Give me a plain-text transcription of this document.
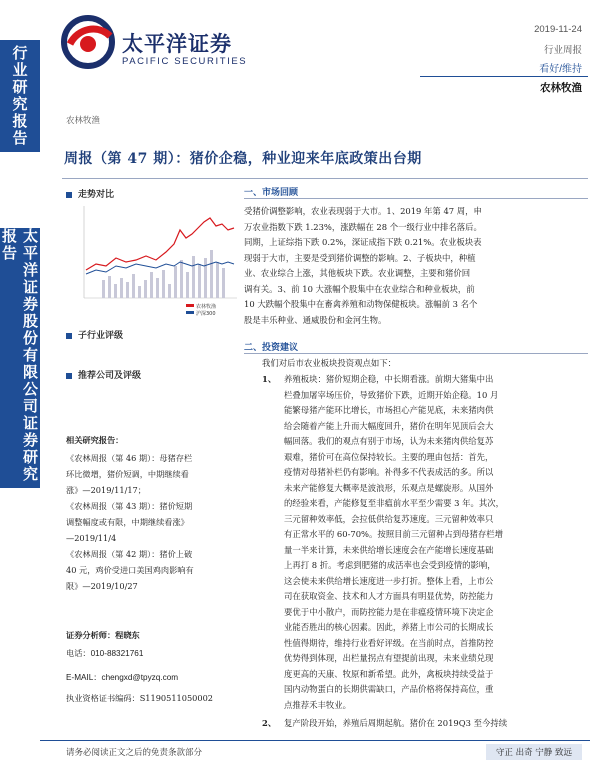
行业研究报告
太平洋证券股份有限公司证券研究报告
太平洋证券
PACIFIC SECURITIES
2019-11-24
行业周报
看好/维持
农林牧渔
农林牧渔
周报（第 47 期）：猪价企稳，种业迎来年底政策出台期
走势对比
农林牧渔
沪深300
子行业评级
推荐公司及评级
相关研究报告：
《农林周报（第 46 期）：母猪存栏
环比微增，猪价短调，中期继续看
涨》—2019/11/17；
《农林周报（第 43 期）：猪价短期
调整幅度或有限，中期继续看涨》
—2019/11/4
《农林周报（第 42 期）：猪价上破
40 元，鸡价受进口美国鸡肉影响有
限》—2019/10/27
证券分析师：程晓东
电话：010-88321761
E-MAIL：chengxd@tpyzq.com
执业资格证书编码：S1190511050002
一、市场回顾
受猪价调整影响，农业表现弱于大市。1、2019 年第 47 周，申
万农业指数下跌 1.23%，涨跌幅在 28 个一级行业中排名落后。
同期，上证综指下跌 0.2%，深证成指下跌 0.21%。农业板块表
现弱于大市，主要是受到猪价调整的影响。2、子板块中，种植
业、农业综合上涨，其他板块下跌。农业调整，主要和猪价回
调有关。3、前 10 大涨幅个股集中在农业综合和种业板块，前
10 大跌幅个股集中在畜禽养殖和动物保健板块。涨幅前 3 名个
股是丰乐种业、通威股份和金河生物。
二、投资建议
我们对后市农业板块投资观点如下：
1、 养殖板块：猪价短期企稳，中长期看涨。前期大猪集中出
栏叠加屠宰场压价，导致猪价下跌，近期开始企稳。10 月
能繁母猪产能环比增长，市场担心产能见底，未来猪肉供
给会随着产能上升而大幅度回升，猪价在明年见顶后会大
幅回落。我们的观点有别于市场，认为未来猪肉供给复苏
艰难，猪价可在高位保持较长。主要的理由包括：首先，
疫情对母猪补栏仍有影响。补得多不代表成活的多。所以
未来产能修复大概率是波浪形，乐观点是螺旋形。从国外
的经验来看，产能修复至非瘟前水平至少需要 3 年。其次，
三元留种效率低，会拉低供给复苏速度。三元留种效率只
有正常水平的 60-70%。按照目前三元留种占到母猪存栏增
量一半来计算，未来供给增长速度会在产能增长速度基础
上再打 8 折。考虑到肥猪的成活率也会受到疫情的影响，
这会使未来供给增长速度进一步打折。整体上看，上市公
司在获取资金、技术和人才方面具有明显优势，防控能力
要优于中小散户，而防控能力是在非瘟疫情环境下决定企
业能否胜出的核心因素。因此，养猪上市公司的长期成长
性值得期待，维持行业看好评级。在当前时点，首推防控
优势得到体现，出栏量拐点有望提前出现，未来业绩兑现
度更高的天康、牧原和新希望。此外，禽板块持续受益于
国内动物蛋白的长期供需缺口，产品价格将保持高位，重
点推荐禾丰牧业。
2、 复产阶段开始，养殖后周期起航。猪价在 2019Q3 至今持续
请务必阅读正文之后的免责条款部分	守正 出奇 宁静 致远
